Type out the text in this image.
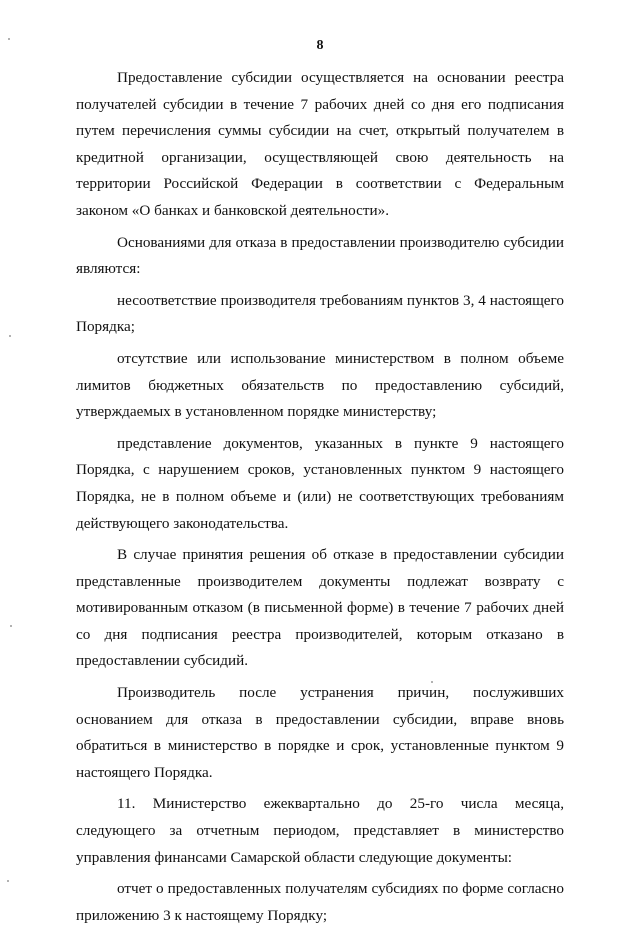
8

Предоставление субсидии осуществляется на основании реестра получателей субсидии в течение 7 рабочих дней со дня его подписания путем перечисления суммы субсидии на счет, открытый получателем в кредитной организации, осуществляющей свою деятельность на территории Российской Федерации в соответствии с Федеральным законом «О банках и банковской деятельности».

Основаниями для отказа в предоставлении производителю субсидии являются:

несоответствие производителя требованиям пунктов 3, 4 настоящего Порядка;

отсутствие или использование министерством в полном объеме лимитов бюджетных обязательств по предоставлению субсидий, утверждаемых в установленном порядке министерству;

представление документов, указанных в пункте 9 настоящего Порядка, с нарушением сроков, установленных пунктом 9 настоящего Порядка, не в полном объеме и (или) не соответствующих требованиям действующего законодательства.

В случае принятия решения об отказе в предоставлении субсидии представленные производителем документы подлежат возврату с мотивированным отказом (в письменной форме) в течение 7 рабочих дней со дня подписания реестра производителей, которым отказано в предоставлении субсидий.

Производитель после устранения причин, послуживших основанием для отказа в предоставлении субсидии, вправе вновь обратиться в министерство в порядке и срок, установленные пунктом 9 настоящего Порядка.

11. Министерство ежеквартально до 25-го числа месяца, следующего за отчетным периодом, представляет в министерство управления финансами Самарской области следующие документы:

отчет о предоставленных получателям субсидиях по форме согласно приложению 3 к настоящему Порядку;
